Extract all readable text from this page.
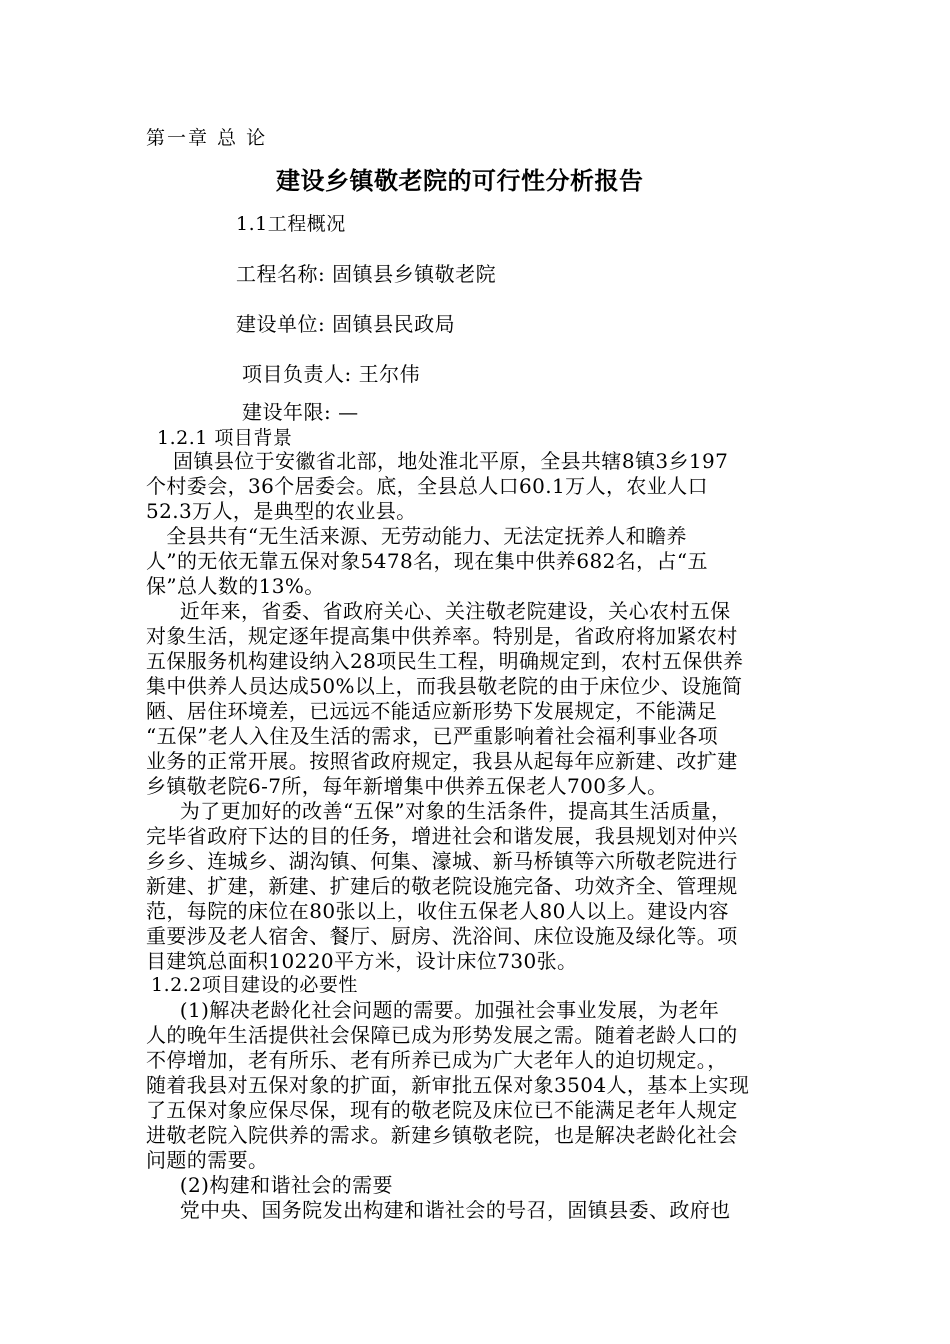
第一章 总 论
建设乡镇敬老院的可行性分析报告
1.1工程概况
工程名称: 固镇县乡镇敬老院
建设单位: 固镇县民政局
项目负责人: 王尔伟
建设年限: —
1.2.1 项目背景

固镇县位于安徽省北部，地处淮北平原，全县共辖8镇3乡197

个村委会，36个居委会。底，全县总人口60.1万人，农业人口

52.3万人，是典型的农业县。

全县共有“无生活来源、无劳动能力、无法定抚养人和瞻养

人”的无依无靠五保对象5478名，现在集中供养682名，占“五

保”总人数的13%。

近年来，省委、省政府关心、关注敬老院建设，关心农村五保

对象生活，规定逐年提高集中供养率。特别是，省政府将加紧农村

五保服务机构建设纳入28项民生工程，明确规定到，农村五保供养

集中供养人员达成50%以上，而我县敬老院的由于床位少、设施简

陋、居住环境差，已远远不能适应新形势下发展规定，不能满足

“五保”老人入住及生活的需求，已严重影响着社会福利事业各项

业务的正常开展。按照省政府规定，我县从起每年应新建、改扩建

乡镇敬老院6-7所，每年新增集中供养五保老人700多人。

为了更加好的改善“五保”对象的生活条件，提高其生活质量，

完毕省政府下达的目的任务，增进社会和谐发展，我县规划对仲兴

乡乡、连城乡、湖沟镇、何集、濠城、新马桥镇等六所敬老院进行

新建、扩建，新建、扩建后的敬老院设施完备、功效齐全、管理规

范，每院的床位在80张以上，收住五保老人80人以上。建设内容

重要涉及老人宿舍、餐厅、厨房、洗浴间、床位设施及绿化等。项

目建筑总面积10220平方米，设计床位730张。

1.2.2项目建设的必要性

(1)解决老龄化社会问题的需要。加强社会事业发展，为老年

人的晚年生活提供社会保障已成为形势发展之需。随着老龄人口的

不停增加，老有所乐、老有所养已成为广大老年人的迫切规定。，

随着我县对五保对象的扩面，新审批五保对象3504人，基本上实现

了五保对象应保尽保，现有的敬老院及床位已不能满足老年人规定

进敬老院入院供养的需求。新建乡镇敬老院，也是解决老龄化社会

问题的需要。

(2)构建和谐社会的需要

党中央、国务院发出构建和谐社会的号召，固镇县委、政府也
